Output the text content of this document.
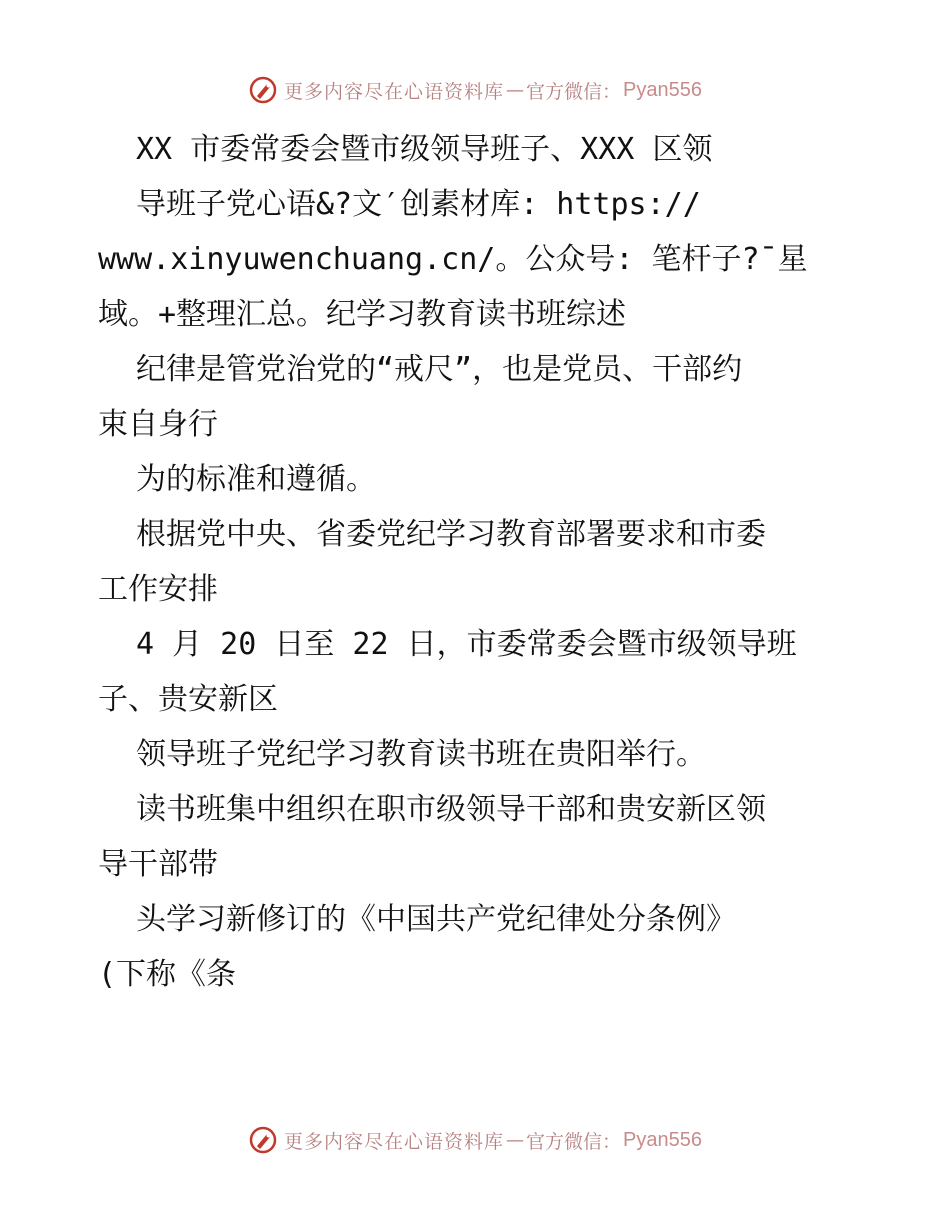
更多内容尽在心语资料库 — 官方微信： Pyan556
XX 市委常委会暨市级领导班子、XXX 区领
导班子党心语&?文′创素材库: https://
www.xinyuwenchuang.cn/。公众号: 笔杆子?¯星
域。+整理汇总。纪学习教育读书班综述
纪律是管党治党的“戒尺”，也是党员、干部约
束自身行
为的标准和遵循。
根据党中央、省委党纪学习教育部署要求和市委
工作安排
4 月 20 日至 22 日，市委常委会暨市级领导班
子、贵安新区
领导班子党纪学习教育读书班在贵阳举行。
读书班集中组织在职市级领导干部和贵安新区领
导干部带
头学习新修订的《中国共产党纪律处分条例》
(下称《条
更多内容尽在心语资料库 — 官方微信： Pyan556
